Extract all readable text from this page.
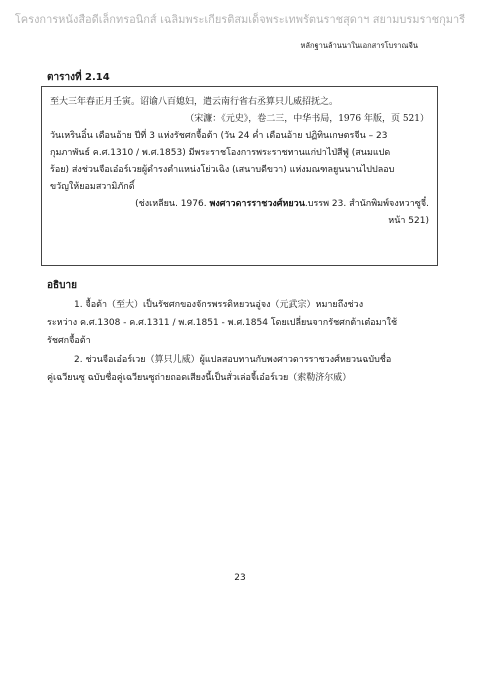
โครงการหนังสือดีเล็กทรอนิกส์ เฉลิมพระเกียรติสมเด็จพระเทพรัตนราชสุดาฯ สยามบรมราชกุมารี
หลักฐานล้านนาในเอกสารโบราณจีน
ตารางที่ 2.14
至大三年春正月壬寅。诏谕八百媳妇，遣云南行省右丞算只儿威招抚之。
（宋濂：《元史》，卷二三，中华书局，1976 年版，页 521）
วันเหรินอิ๋น เดือนอ้าย ปีที่ 3 แห่งรัชศกจื้อต้า (วัน 24 ค่ำ เดือนอ้าย ปฏิทินเกษตรจีน – 23
กุมภาพันธ์ ค.ศ.1310 / พ.ศ.1853) มีพระราชโองการพระราชทานแก่ปาไป่สีฟู่ (สนมแปด
ร้อย) ส่งช่วนจือเอ๋อร์เวยผู้ดำรงตำแหน่งโย่วเฉิง (เสนาบดีขวา) แห่งมณฑลยูนนานไปปลอบ
ขวัญให้ยอมสวามิภักดิ์
(ช่งเหลียน. 1976. พงศาวดารราชวงศ์หยวน.บรรพ 23. สำนักพิมพ์จงหวาซูจี๋.
หน้า 521)
อธิบาย
1. จื้อต้า（至大）เป็นรัชศกของจักรพรรดิหยวนอู่จง（元武宗）หมายถึงช่วง
ระหว่าง ค.ศ.1308 - ค.ศ.1311 / พ.ศ.1851 - พ.ศ.1854 โดยเปลี่ยนจากรัชศกต้าเต๋อมาใช้
รัชศกจื้อต้า
2. ช่วนจือเอ๋อร์เวย（算只儿威）ผู้แปลสอบทานกับพงศาวดารราชวงศ์หยวนฉบับชื่อ
คู่เฉวียนซู ฉบับชื่อคู่เฉวียนซูถ่ายถอดเสียงนี้เป็นสั่วเล่อจี้เอ๋อร์เวย（索勒济尔威）
23
